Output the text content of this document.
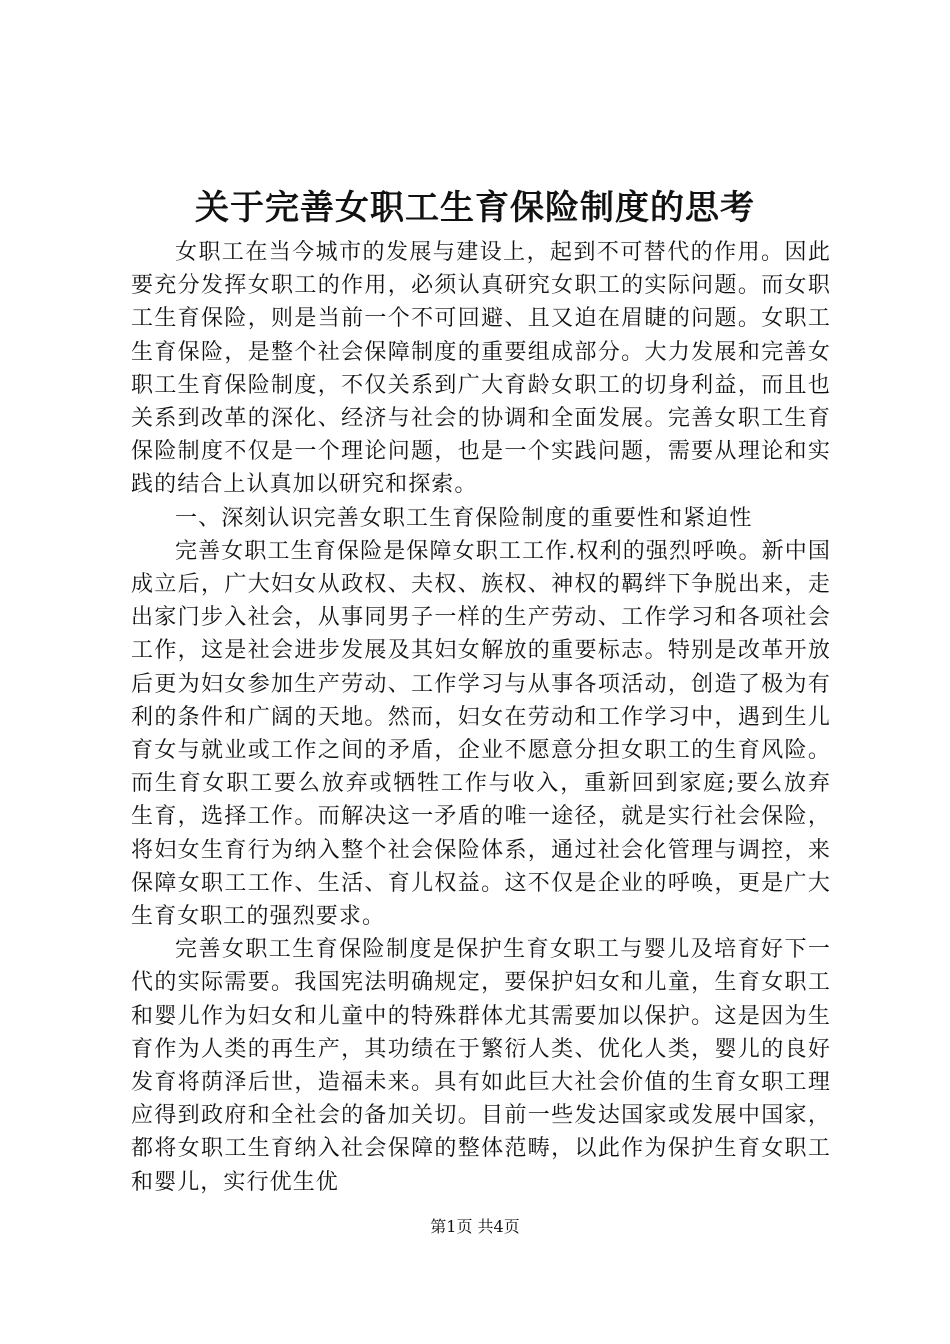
关于完善女职工生育保险制度的思考

女职工在当今城市的发展与建设上，起到不可替代的作用。因此要充分发挥女职工的作用，必须认真研究女职工的实际问题。而女职工生育保险，则是当前一个不可回避、且又迫在眉睫的问题。女职工生育保险，是整个社会保障制度的重要组成部分。大力发展和完善女职工生育保险制度，不仅关系到广大育龄女职工的切身利益，而且也关系到改革的深化、经济与社会的协调和全面发展。完善女职工生育保险制度不仅是一个理论问题，也是一个实践问题，需要从理论和实践的结合上认真加以研究和探索。

一、深刻认识完善女职工生育保险制度的重要性和紧迫性

完善女职工生育保险是保障女职工工作.权利的强烈呼唤。新中国成立后，广大妇女从政权、夫权、族权、神权的羁绊下争脱出来，走出家门步入社会，从事同男子一样的生产劳动、工作学习和各项社会工作，这是社会进步发展及其妇女解放的重要标志。特别是改革开放后更为妇女参加生产劳动、工作学习与从事各项活动，创造了极为有利的条件和广阔的天地。然而，妇女在劳动和工作学习中，遇到生儿育女与就业或工作之间的矛盾，企业不愿意分担女职工的生育风险。而生育女职工要么放弃或牺牲工作与收入，重新回到家庭;要么放弃生育，选择工作。而解决这一矛盾的唯一途径，就是实行社会保险，将妇女生育行为纳入整个社会保险体系，通过社会化管理与调控，来保障女职工工作、生活、育儿权益。这不仅是企业的呼唤，更是广大生育女职工的强烈要求。

完善女职工生育保险制度是保护生育女职工与婴儿及培育好下一代的实际需要。我国宪法明确规定，要保护妇女和儿童，生育女职工和婴儿作为妇女和儿童中的特殊群体尤其需要加以保护。这是因为生育作为人类的再生产，其功绩在于繁衍人类、优化人类，婴儿的良好发育将荫泽后世，造福未来。具有如此巨大社会价值的生育女职工理应得到政府和全社会的备加关切。目前一些发达国家或发展中国家，都将女职工生育纳入社会保障的整体范畴，以此作为保护生育女职工和婴儿，实行优生优

第1页 共4页
